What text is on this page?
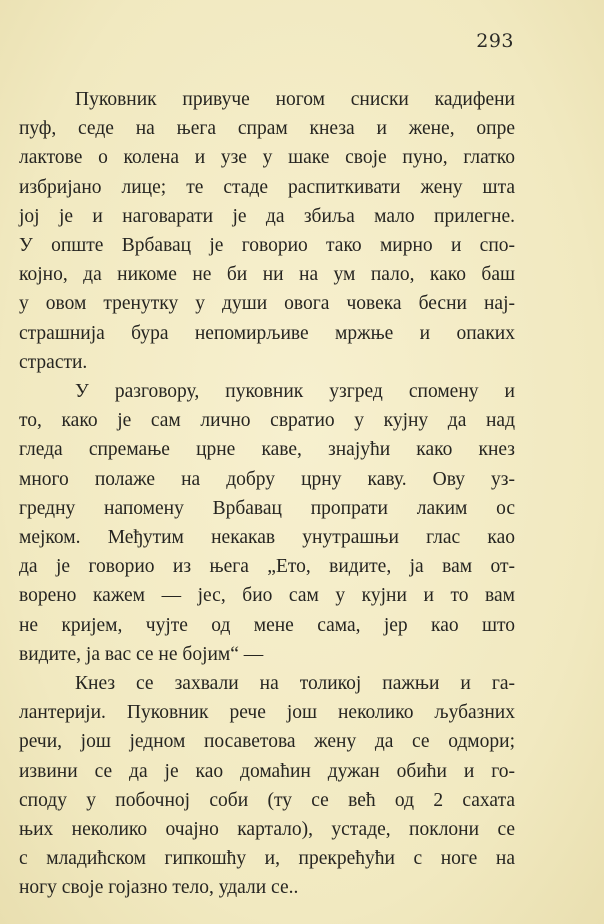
293
Пуковник привуче ногом сниски кадифени
пуф, седе на њега спрам кнеза и жене, опре
лактове о колена и узе у шаке своје пуно, глатко
избријано лице; те стаде распиткивати жену шта
јој је и наговарати је да збиља мало прилегне.
У опште Врбавац је говорио тако мирно и спо-
којно, да никоме не би ни на ум пало, како баш
у овом тренутку у души овога човека бесни нај-
страшнија бура непомирљиве мржње и опаких
страсти.
У разговору, пуковник узгред спомену и
то, како је сам лично свратио у кујну да над
гледа спремање црне каве, знајући како кнез
много полаже на добру црну каву. Ову уз-
гредну напомену Врбавац пропрати лаким ос
мејком. Међутим некакав унутрашњи глас као
да је говорио из њега „Ето, видите, ја вам от-
ворено кажем — јес, био сам у кујни и то вам
не кријем, чујте од мене сама, јер као што
видите, ја вас се не бојим“ —
Кнез се захвали на толикој пажњи и га-
лантерији. Пуковник рече још неколико љубазних
речи, још једном посаветова жену да се одмори;
извини се да је као домаћин дужан обићи и го-
споду у побочној соби (ту се већ од 2 сахата
њих неколико очајно картало), устаде, поклони се
с младићском гипкошћу и, прекрећући с ноге на
ногу своје гојазно тело, удали се..
